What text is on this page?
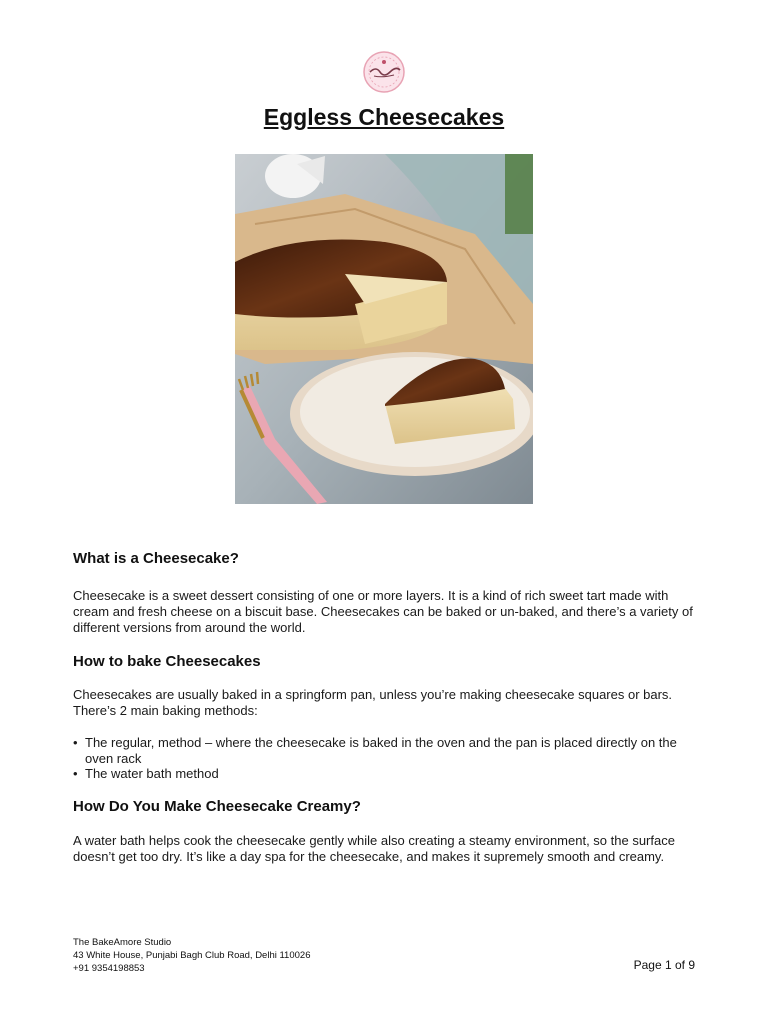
Eggless Cheesecakes
What is a Cheesecake?

Cheesecake is a sweet dessert consisting of one or more layers. It is a kind of rich sweet tart made with cream and fresh cheese on a biscuit base. Cheesecakes can be baked or un-baked, and there’s a variety of different versions from around the world.

How to bake Cheesecakes

Cheesecakes are usually baked in a springform pan, unless you’re making cheesecake squares or bars. There’s 2 main baking methods:

• The regular, method – where the cheesecake is baked in the oven and the pan is placed directly on the oven rack
• The water bath method
How Do You Make Cheesecake Creamy?

A water bath helps cook the cheesecake gently while also creating a steamy environment, so the surface doesn’t get too dry. It’s like a day spa for the cheesecake, and makes it supremely smooth and creamy.

The BakeAmore Studio
43 White House, Punjabi Bagh Club Road, Delhi 110026
+91 9354198853	Page 1 of 9
